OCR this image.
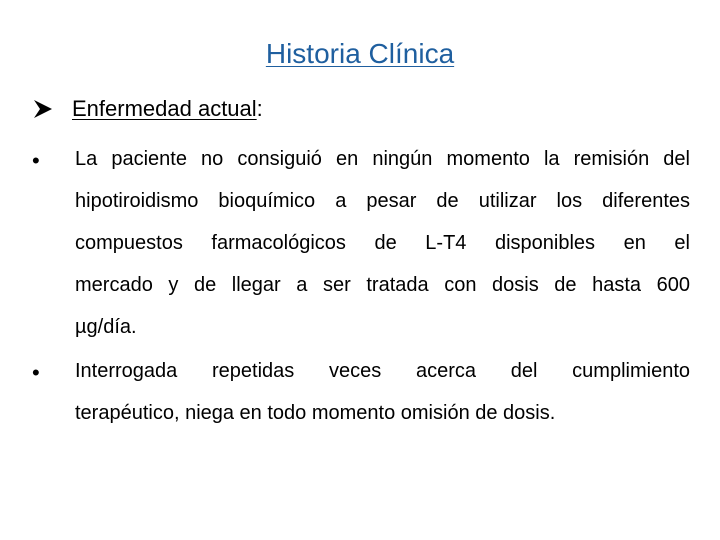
Historia Clínica
Enfermedad actual :
• La paciente no consiguió en ningún momento la remisión del
hipotiroidismo bioquímico a pesar de utilizar los diferentes
compuestos farmacológicos de L-T4 disponibles en el
mercado y de llegar a ser tratada con dosis de hasta 600
µg/día.
• Interrogada repetidas veces acerca del cumplimiento
terapéutico, niega en todo momento omisión de dosis.
